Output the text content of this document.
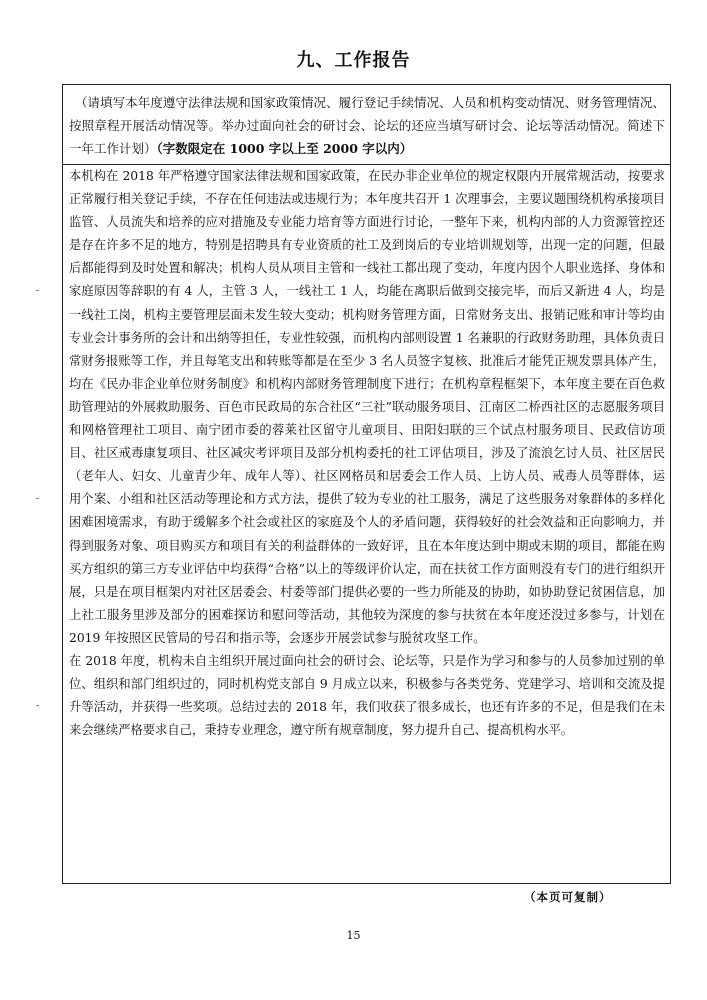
九、工作报告
（请填写本年度遵守法律法规和国家政策情况、履行登记手续情况、人员和机构变动情况、财务管理情况、按照章程开展活动情况等。举办过面向社会的研讨会、论坛的还应当填写研讨会、论坛等活动情况。简述下一年工作计划）（字数限定在 1000 字以上至 2000 字以内）

本机构在 2018 年严格遵守国家法律法规和国家政策，在民办非企业单位的规定权限内开展常规活动，按要求正常履行相关登记手续，不存在任何违法或违规行为；本年度共召开 1 次理事会，主要议题围绕机构承接项目监管、人员流失和培养的应对措施及专业能力培育等方面进行讨论，一整年下来，机构内部的人力资源管控还是存在许多不足的地方，特别是招聘具有专业资质的社工及到岗后的专业培训规划等，出现一定的问题，但最后都能得到及时处置和解决；机构人员从项目主管和一线社工都出现了变动，年度内因个人职业选择、身体和家庭原因等辞职的有 4 人，主管 3 人，一线社工 1 人，均能在离职后做到交接完毕，而后又新进 4 人，均是一线社工岗，机构主要管理层面未发生较大变动；机构财务管理方面，日常财务支出、报销记账和审计等均由专业会计事务所的会计和出纳等担任，专业性较强，而机构内部则设置 1 名兼职的行政财务助理，具体负责日常财务报账等工作，并且每笔支出和转账等都是在至少 3 名人员签字复核、批准后才能凭正规发票具体产生，均在《民办非企业单位财务制度》和机构内部财务管理制度下进行；在机构章程框架下，本年度主要在百色救助管理站的外展救助服务、百色市民政局的东合社区“三社”联动服务项目、江南区二桥西社区的志愿服务项目和网格管理社工项目、南宁团市委的蓉莱社区留守儿童项目、田阳妇联的三个试点村服务项目、民政信访项目、社区戒毒康复项目、社区减灾考评项目及部分机构委托的社工评估项目，涉及了流浪乞讨人员、社区居民（老年人、妇女、儿童青少年、成年人等）、社区网格员和居委会工作人员、上访人员、戒毒人员等群体，运用个案、小组和社区活动等理论和方式方法，提供了较为专业的社工服务，满足了这些服务对象群体的多样化困难困境需求，有助于缓解多个社会或社区的家庭及个人的矛盾问题，获得较好的社会效益和正向影响力，并得到服务对象、项目购买方和项目有关的利益群体的一致好评，且在本年度达到中期或末期的项目，都能在购买方组织的第三方专业评估中均获得“合格”以上的等级评价认定，而在扶贫工作方面则没有专门的进行组织开展，只是在项目框架内对社区居委会、村委等部门提供必要的一些力所能及的协助，如协助登记贫困信息，加上社工服务里涉及部分的困难探访和慰问等活动，其他较为深度的参与扶贫在本年度还没过多参与，计划在 2019 年按照区民管局的号召和指示等，会逐步开展尝试参与脱贫攻坚工作。

在 2018 年度，机构未自主组织开展过面向社会的研讨会、论坛等，只是作为学习和参与的人员参加过别的单位、组织和部门组织过的，同时机构党支部自 9 月成立以来，积极参与各类党务、党建学习、培训和交流及提升等活动，并获得一些奖项。总结过去的 2018 年，我们收获了很多成长，也还有许多的不足，但是我们在未来会继续严格要求自己，秉持专业理念，遵守所有规章制度，努力提升自己、提高机构水平。

（本页可复制）
15
